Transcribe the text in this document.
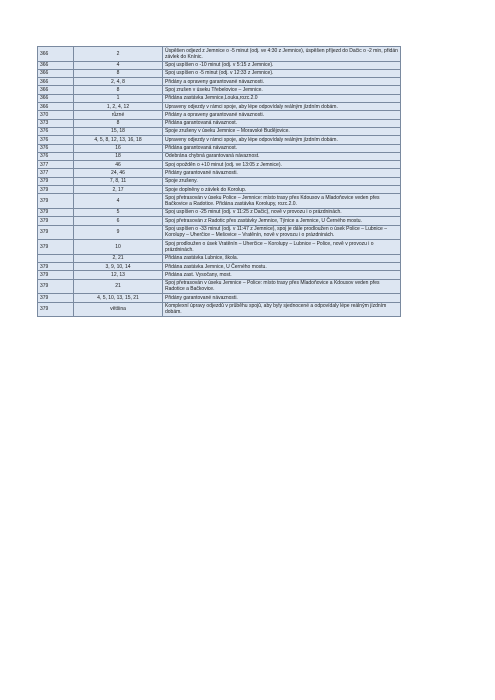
366	2	Úspěšen odjezd z Jemnice o -5 minut (odj. ve 4:30 z Jemnice), úspěšen příjezd do Dačic o -2 min, přidán závlek do Knínic.
366	4	Spoj uspíšen o -10 minut (odj. v 5:15 z Jemnice).
366	8	Spoj uspíšen o -5 minut (odj. v 12:33 z Jemnice).
366	2, 4, 8	Přidány a opraveny garantované návaznosti.
366	8	Spoj zrušen v úseku Třebelovice – Jemnice.
366	1	Přidána zastávka Jemnice,Louka,rozc.2.0
366	1, 2, 4, 12	Upraveny odjezdy v rámci spoje, aby lépe odpovídaly reálným jízdním dobám.
370	různé	Přidány a opraveny garantované návaznosti.
373	8	Přidána garantovaná návaznost.
376	15, 18	Spoje zrušeny v úseku Jemnice – Moravské Budějovice.
376	4, 5, 8, 12, 13, 16, 18	Upraveny odjezdy v rámci spoje, aby lépe odpovídaly reálným jízdním dobám.
376	16	Přidána garantovaná návaznost.
376	18	Odebrána chybná garantovaná návaznost.
377	46	Spoj opožděn o +10 minut (odj. ve 13:05 z Jemnice).
377	24, 46	Přidány garantované návaznosti.
379	7, 8, 11	Spoje zrušeny.
379	2, 17	Spoje doplněny o závlek do Korolup.
379	4	Spoj přetrasován v úseku Police – Jemnice: místo trasy přes Kdousov a Mladoňovice veden přes Bačkovice a Radotice. Přidána zastávka Korolupy, rozc.2.0.
379	5	Spoj uspíšen o -25 minut (odj. v 11:25 z Dačic), nově v provozu i o prázdninách.
379	6	Spoj přetrasován z Radotic přes zastávky Jemnice, Týnice a Jemnice, U Černého mostu.
379	9	Spoj uspíšen o -33 minut (odj. v 11:47 z Jemnice), spoj je dále prodloužen o úsek Police – Lubnice – Korolupy – Uherčice – Mešovice – Vratěnín, nově v provozu i o prázdninách.
379	10	Spoj prodloužen o úsek Vratěnín – Uherčice – Korolupy – Lubnice – Police, nově v provozu i o prázdninách.
	2, 21	Přidána zastávka Lubnice, škola.
379	3, 9, 10, 14	Přidána zastávka Jemnice, U Černého mostu.
379	12, 13	Přidána zast. Vysočany, most.
379	21	Spoj přetrasován v úseku Jemnice – Police: místo trasy přes Mladoňovice a Kdousov veden přes Radotice a Bačkovice.
379	4, 5, 10, 13, 15, 21	Přidány garantované návaznosti.
379	většina	Komplexní úpravy odjezdů v průběhu spojů, aby byly sjednocené a odpovídaly lépe reálným jízdním dobám.
